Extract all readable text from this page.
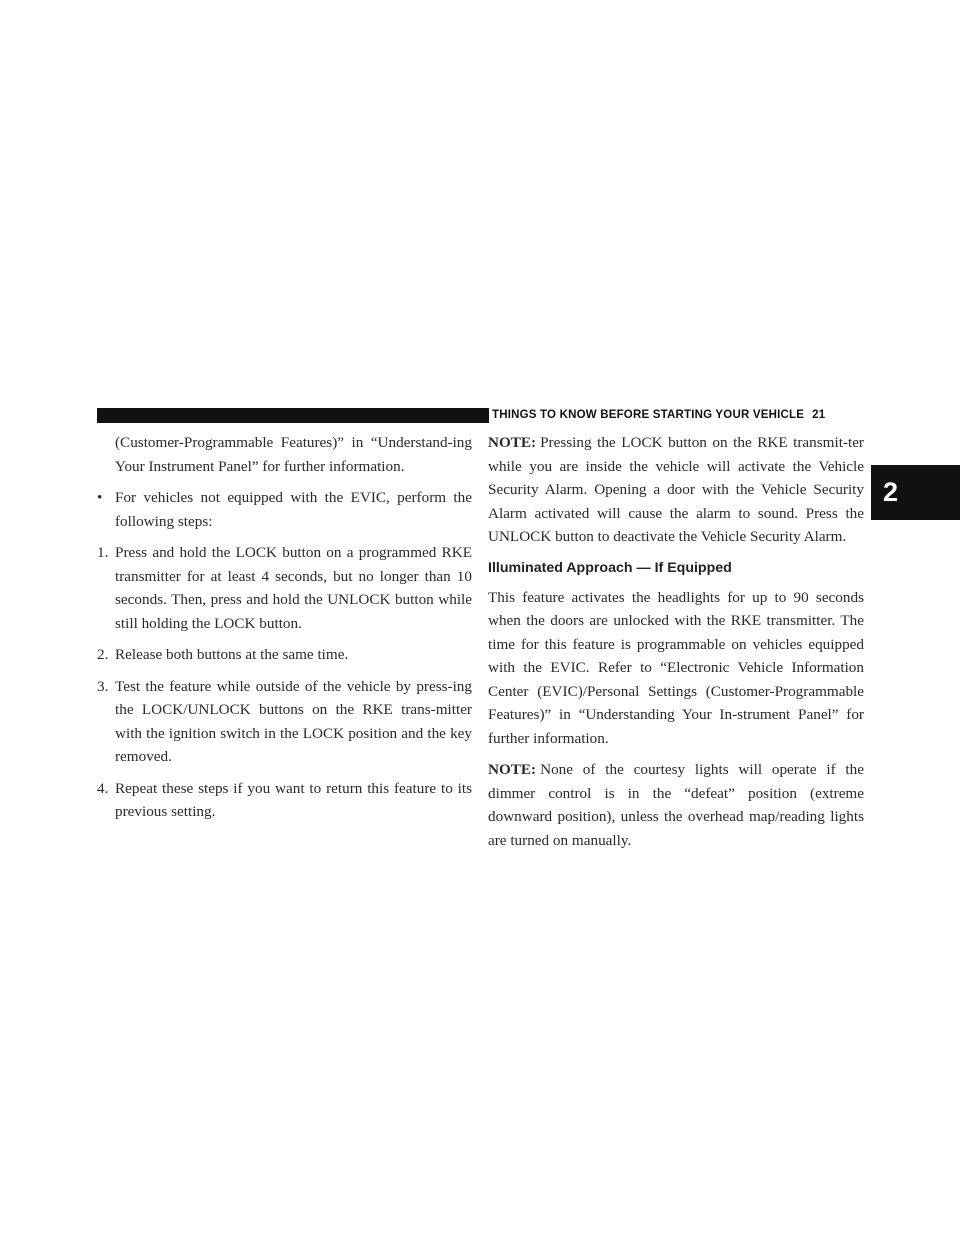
THINGS TO KNOW BEFORE STARTING YOUR VEHICLE 21
2

(Customer-Programmable Features)” in “Understand-ing Your Instrument Panel” for further information.

• For vehicles not equipped with the EVIC, perform the following steps:
1. Press and hold the LOCK button on a programmed RKE transmitter for at least 4 seconds, but no longer than 10 seconds. Then, press and hold the UNLOCK button while still holding the LOCK button.
2. Release both buttons at the same time.
3. Test the feature while outside of the vehicle by press-ing the LOCK/UNLOCK buttons on the RKE trans-mitter with the ignition switch in the LOCK position and the key removed.
4. Repeat these steps if you want to return this feature to its previous setting.

NOTE: Pressing the LOCK button on the RKE transmit-ter while you are inside the vehicle will activate the Vehicle Security Alarm. Opening a door with the Vehicle Security Alarm activated will cause the alarm to sound. Press the UNLOCK button to deactivate the Vehicle Security Alarm.

Illuminated Approach — If Equipped

This feature activates the headlights for up to 90 seconds when the doors are unlocked with the RKE transmitter. The time for this feature is programmable on vehicles equipped with the EVIC. Refer to “Electronic Vehicle Information Center (EVIC)/Personal Settings (Customer-Programmable Features)” in “Understanding Your In-strument Panel” for further information.

NOTE: None of the courtesy lights will operate if the dimmer control is in the “defeat” position (extreme downward position), unless the overhead map/reading lights are turned on manually.
